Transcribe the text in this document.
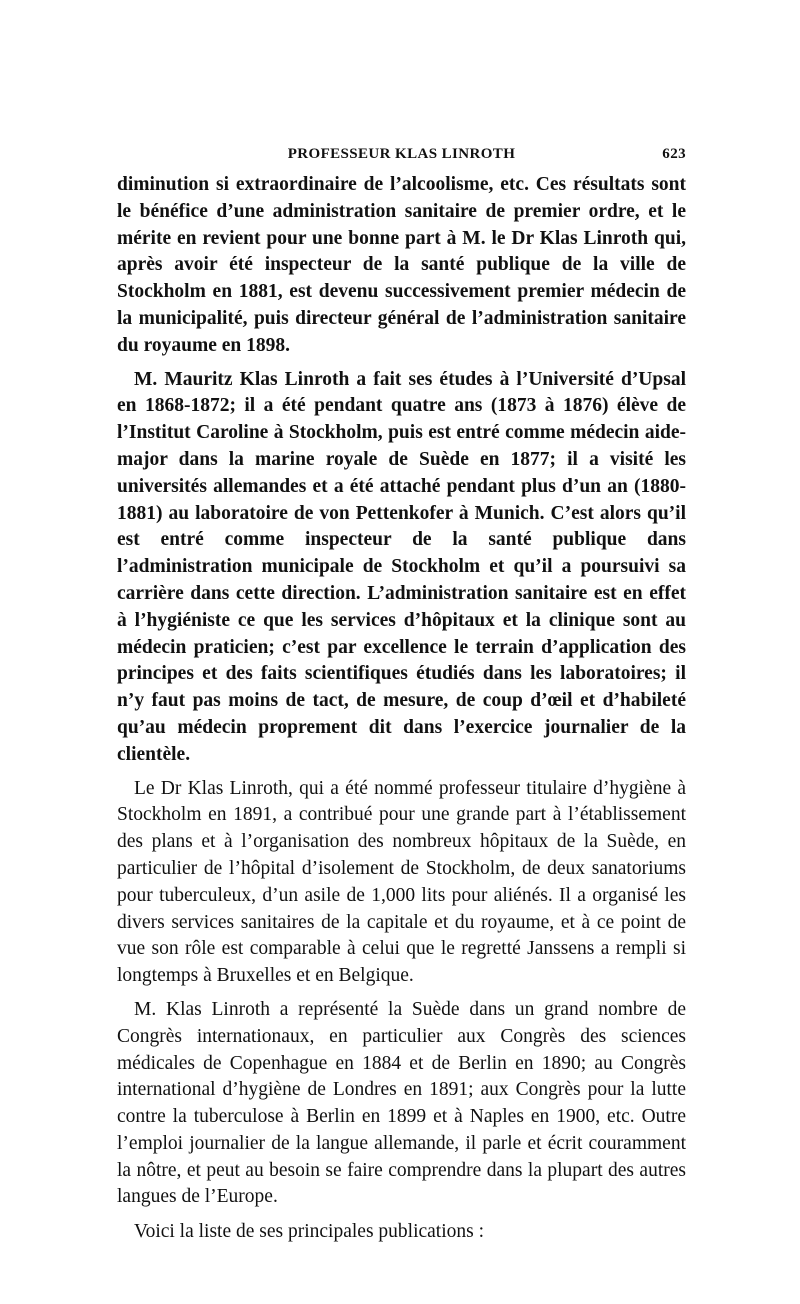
PROFESSEUR KLAS LINROTH	623

diminution si extraordinaire de l’alcoolisme, etc. Ces résultats sont le bénéfice d’une administration sanitaire de premier ordre, et le mérite en revient pour une bonne part à M. le Dr Klas Linroth qui, après avoir été inspecteur de la santé publique de la ville de Stockholm en 1881, est devenu successivement premier médecin de la municipalité, puis directeur général de l’administration sanitaire du royaume en 1898.

M. Mauritz Klas Linroth a fait ses études à l’Université d’Upsal en 1868-1872; il a été pendant quatre ans (1873 à 1876) élève de l’Institut Caroline à Stockholm, puis est entré comme médecin aide-major dans la marine royale de Suède en 1877; il a visité les universités allemandes et a été attaché pendant plus d’un an (1880-1881) au laboratoire de von Pettenkofer à Munich. C’est alors qu’il est entré comme inspecteur de la santé publique dans l’administration municipale de Stockholm et qu’il a poursuivi sa carrière dans cette direction. L’administration sanitaire est en effet à l’hygiéniste ce que les services d’hôpitaux et la clinique sont au médecin praticien; c’est par excellence le terrain d’application des principes et des faits scientifiques étudiés dans les laboratoires; il n’y faut pas moins de tact, de mesure, de coup d’œil et d’habileté qu’au médecin proprement dit dans l’exercice journalier de la clientèle.

Le Dr Klas Linroth, qui a été nommé professeur titulaire d’hygiène à Stockholm en 1891, a contribué pour une grande part à l’établissement des plans et à l’organisation des nombreux hôpitaux de la Suède, en particulier de l’hôpital d’isolement de Stockholm, de deux sanatoriums pour tuberculeux, d’un asile de 1,000 lits pour aliénés. Il a organisé les divers services sanitaires de la capitale et du royaume, et à ce point de vue son rôle est comparable à celui que le regretté Janssens a rempli si longtemps à Bruxelles et en Belgique.

M. Klas Linroth a représenté la Suède dans un grand nombre de Congrès internationaux, en particulier aux Congrès des sciences médicales de Copenhague en 1884 et de Berlin en 1890; au Congrès international d’hygiène de Londres en 1891; aux Congrès pour la lutte contre la tuberculose à Berlin en 1899 et à Naples en 1900, etc. Outre l’emploi journalier de la langue allemande, il parle et écrit couramment la nôtre, et peut au besoin se faire comprendre dans la plupart des autres langues de l’Europe.

Voici la liste de ses principales publications :
